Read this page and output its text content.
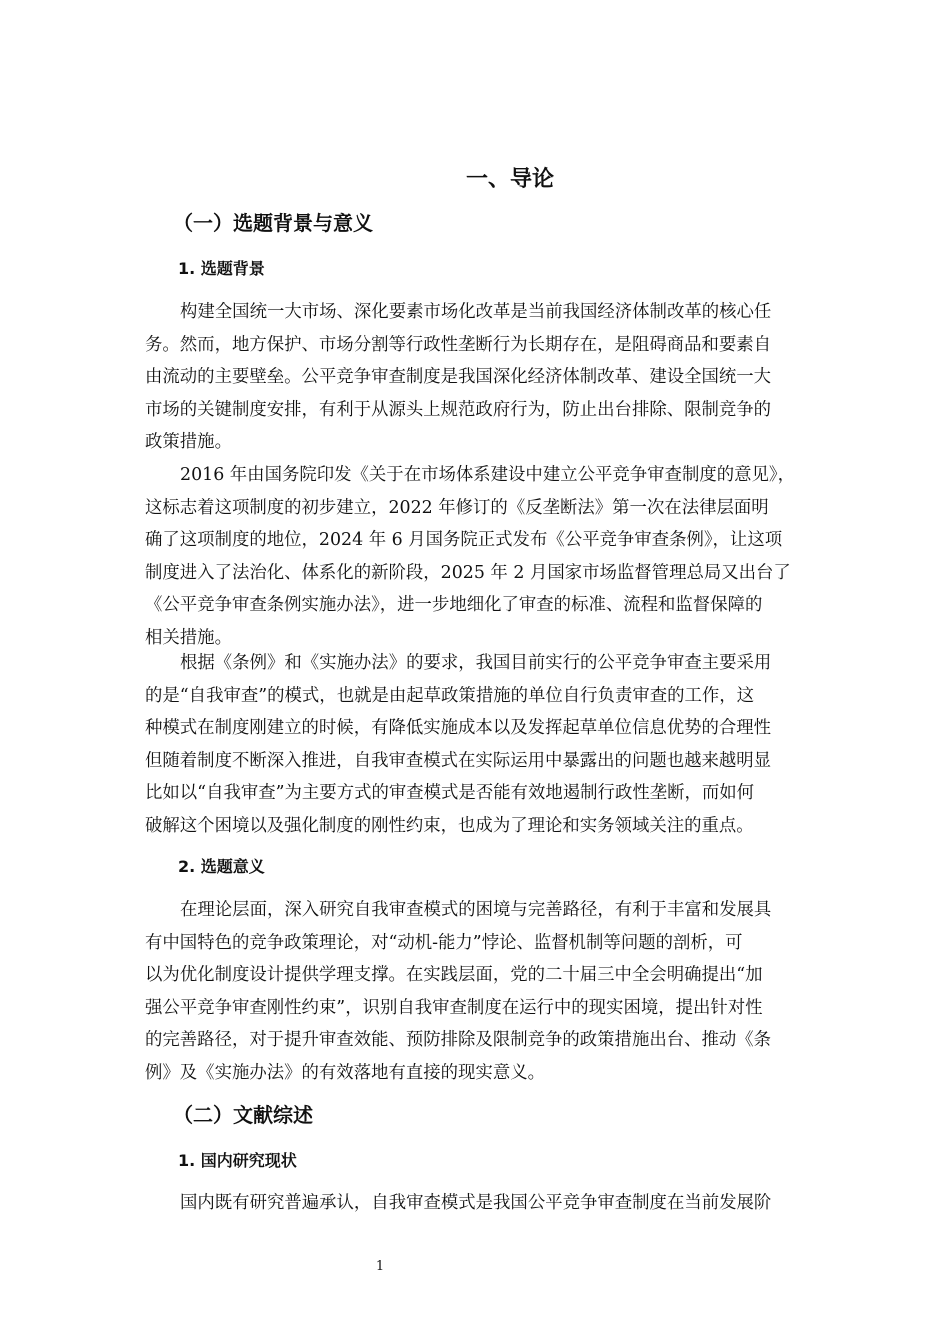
一、导论
（一）选题背景与意义
1. 选题背景
构建全国统一大市场、深化要素市场化改革是当前我国经济体制改革的核心任
务。然而，地方保护、市场分割等行政性垄断行为长期存在，是阻碍商品和要素自
由流动的主要壁垒。公平竞争审查制度是我国深化经济体制改革、建设全国统一大
市场的关键制度安排，有利于从源头上规范政府行为，防止出台排除、限制竞争的
政策措施。
2016 年由国务院印发《关于在市场体系建设中建立公平竞争审查制度的意见》，
这标志着这项制度的初步建立，2022 年修订的《反垄断法》第一次在法律层面明
确了这项制度的地位，2024 年 6 月国务院正式发布《公平竞争审查条例》，让这项
制度进入了法治化、体系化的新阶段，2025 年 2 月国家市场监督管理总局又出台了
《公平竞争审查条例实施办法》，进一步地细化了审查的标准、流程和监督保障的
相关措施。
根据《条例》和《实施办法》的要求，我国目前实行的公平竞争审查主要采用
的是“自我审查”的模式，也就是由起草政策措施的单位自行负责审查的工作，这
种模式在制度刚建立的时候，有降低实施成本以及发挥起草单位信息优势的合理性
但随着制度不断深入推进，自我审查模式在实际运用中暴露出的问题也越来越明显
比如以“自我审查”为主要方式的审查模式是否能有效地遏制行政性垄断，而如何
破解这个困境以及强化制度的刚性约束，也成为了理论和实务领域关注的重点。
2. 选题意义
在理论层面，深入研究自我审查模式的困境与完善路径，有利于丰富和发展具
有中国特色的竞争政策理论，对“动机-能力”悖论、监督机制等问题的剖析，可
以为优化制度设计提供学理支撑。在实践层面，党的二十届三中全会明确提出“加
强公平竞争审查刚性约束”，识别自我审查制度在运行中的现实困境，提出针对性
的完善路径，对于提升审查效能、预防排除及限制竞争的政策措施出台、推动《条
例》及《实施办法》的有效落地有直接的现实意义。
（二）文献综述
1. 国内研究现状
国内既有研究普遍承认，自我审查模式是我国公平竞争审查制度在当前发展阶
1
